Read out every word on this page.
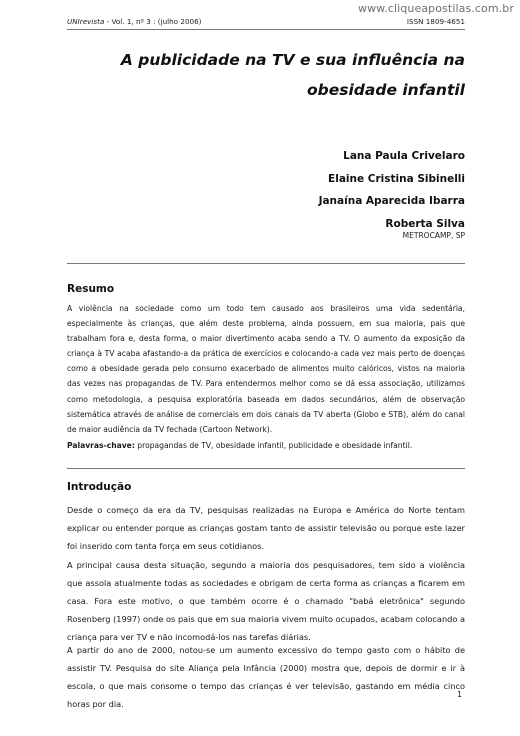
www.cliqueapostilas.com.br
UNIrevista - Vol. 1, nº 3 : (julho 2006)	ISSN 1809-4651
A publicidade na TV e sua influência na
obesidade infantil
Lana Paula Crivelaro
Elaine Cristina Sibinelli
Janaína Aparecida Ibarra
Roberta Silva
METROCAMP, SP
Resumo

A violência na sociedade como um todo tem causado aos brasileiros uma vida sedentária, especialmente às crianças, que além deste problema, ainda possuem, em sua maioria, pais que trabalham fora e, desta forma, o maior divertimento acaba sendo a TV. O aumento da exposição da criança à TV acaba afastando-a da prática de exercícios e colocando-a cada vez mais perto de doenças como a obesidade gerada pelo consumo exacerbado de alimentos muito calóricos, vistos na maioria das vezes nas propagandas de TV. Para entendermos melhor como se dá essa associação, utilizamos como metodologia, a pesquisa exploratória baseada em dados secundários, além de observação sistemática através de análise de comerciais em dois canais da TV aberta (Globo e STB), além do canal de maior audiência da TV fechada (Cartoon Network).

Palavras-chave: propagandas de TV, obesidade infantil, publicidade e obesidade infantil.
Introdução

Desde o começo da era da TV, pesquisas realizadas na Europa e América do Norte tentam explicar ou entender porque as crianças gostam tanto de assistir televisão ou porque este lazer foi inserido com tanta força em seus cotidianos.

A principal causa desta situação, segundo a maioria dos pesquisadores, tem sido a violência que assola atualmente todas as sociedades e obrigam de certa forma as crianças a ficarem em casa. Fora este motivo, o que também ocorre é o chamado "babá eletrônica" segundo Rosenberg (1997) onde os pais que em sua maioria vivem muito ocupados, acabam colocando a criança para ver TV e não incomodá-los nas tarefas diárias.

A partir do ano de 2000, notou-se um aumento excessivo do tempo gasto com o hábito de assistir TV. Pesquisa do site Aliança pela Infância (2000) mostra que, depois de dormir e ir à escola, o que mais consome o tempo das crianças é ver televisão, gastando em média cinco horas por dia.

1
